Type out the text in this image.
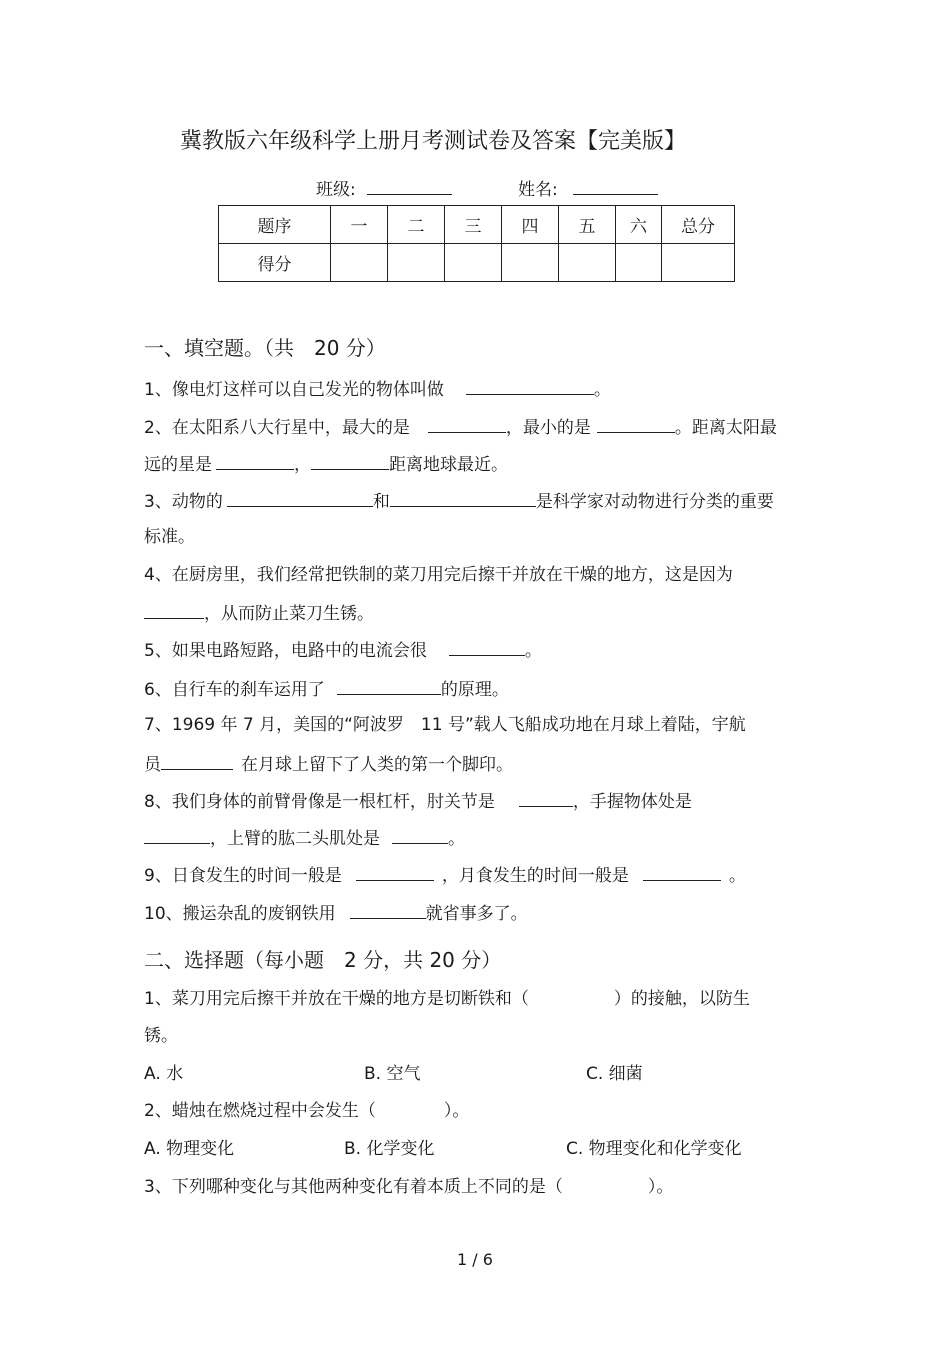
冀教版六年级科学上册月考测试卷及答案【完美版】
班级:	姓名:
题序	一	二	三	四	五	六	总分
得分							
一、填空题。（共　20 分）
1、像电灯这样可以自己发光的物体叫做	。
2、在太阳系八大行星中，最大的是	，最小的是	。距离太阳最
远的星是	，	距离地球最近。
3、动物的	和	是科学家对动物进行分类的重要
标准。
4、在厨房里，我们经常把铁制的菜刀用完后擦干并放在干燥的地方，这是因为
，从而防止菜刀生锈。
5、如果电路短路，电路中的电流会很	。
6、自行车的刹车运用了	的原理。
7、1969 年 7 月，美国的“阿波罗　11 号”载人飞船成功地在月球上着陆，宇航
员	在月球上留下了人类的第一个脚印。
8、我们身体的前臂骨像是一根杠杆，肘关节是	，手握物体处是
，上臂的肱二头肌处是	。
9、日食发生的时间一般是	，月食发生的时间一般是	。
10、搬运杂乱的废钢铁用	就省事多了。
二、选择题（每小题　2 分，共 20 分）
1、菜刀用完后擦干并放在干燥的地方是切断铁和（　　　　　）的接触，以防生
锈。
A. 水	B. 空气	C. 细菌
2、蜡烛在燃烧过程中会发生（　　　　）。
A. 物理变化	B. 化学变化	C. 物理变化和化学变化
3、下列哪种变化与其他两种变化有着本质上不同的是（　　　　　）。
1 / 6
